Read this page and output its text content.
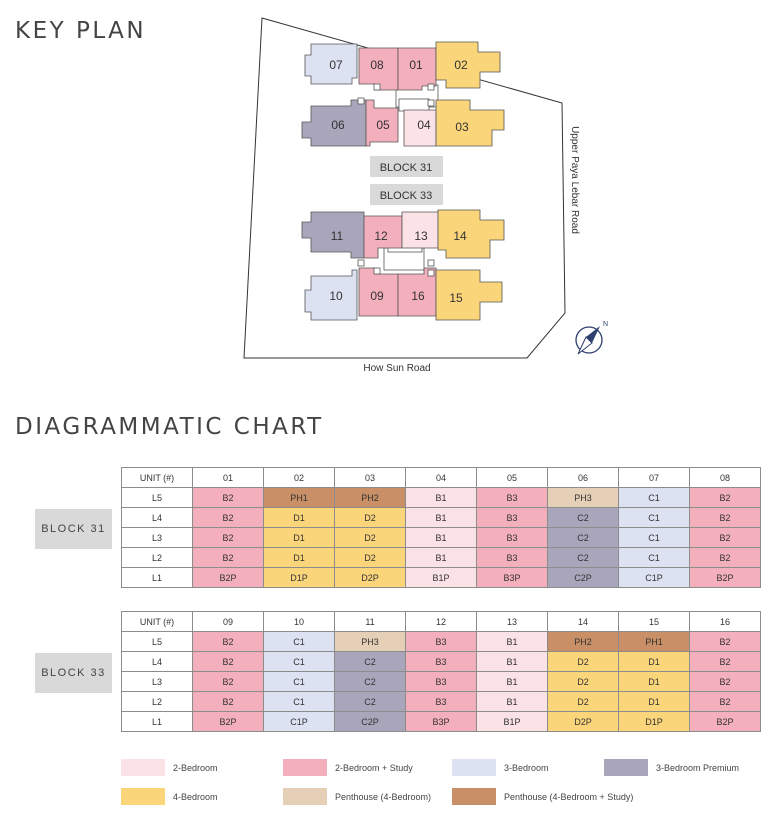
KEY PLAN
07 08 01	02
06	05 04 03
11	12 13 14
10 09 16 15
BLOCK 31
BLOCK 33	Upper Paya Lebar Road
How Sun Road
N
DIAGRAMMATIC CHART
BLOCK 31
BLOCK 33
UNIT (#)	01	02	03	04	05	06	07	08
L5	B2	PH1	PH2	B1	B3	PH3	C1	B2
L4	B2	D1	D2	B1	B3	C2	C1	B2
L3	B2	D1	D2	B1	B3	C2	C1	B2
L2	B2	D1	D2	B1	B3	C2	C1	B2
L1	B2P	D1P	D2P	B1P	B3P	C2P	C1P	B2P
UNIT (#)	09	10	11	12	13	14	15	16
L5	B2	C1	PH3	B3	B1	PH2	PH1	B2
L4	B2	C1	C2	B3	B1	D2	D1	B2
L3	B2	C1	C2	B3	B1	D2	D1	B2
L2	B2	C1	C2	B3	B1	D2	D1	B2
L1	B2P	C1P	C2P	B3P	B1P	D2P	D1P	B2P
2-Bedroom	2-Bedroom + Study	3-Bedroom	3-Bedroom Premium
4-Bedroom	Penthouse (4-Bedroom)	Penthouse (4-Bedroom + Study)
